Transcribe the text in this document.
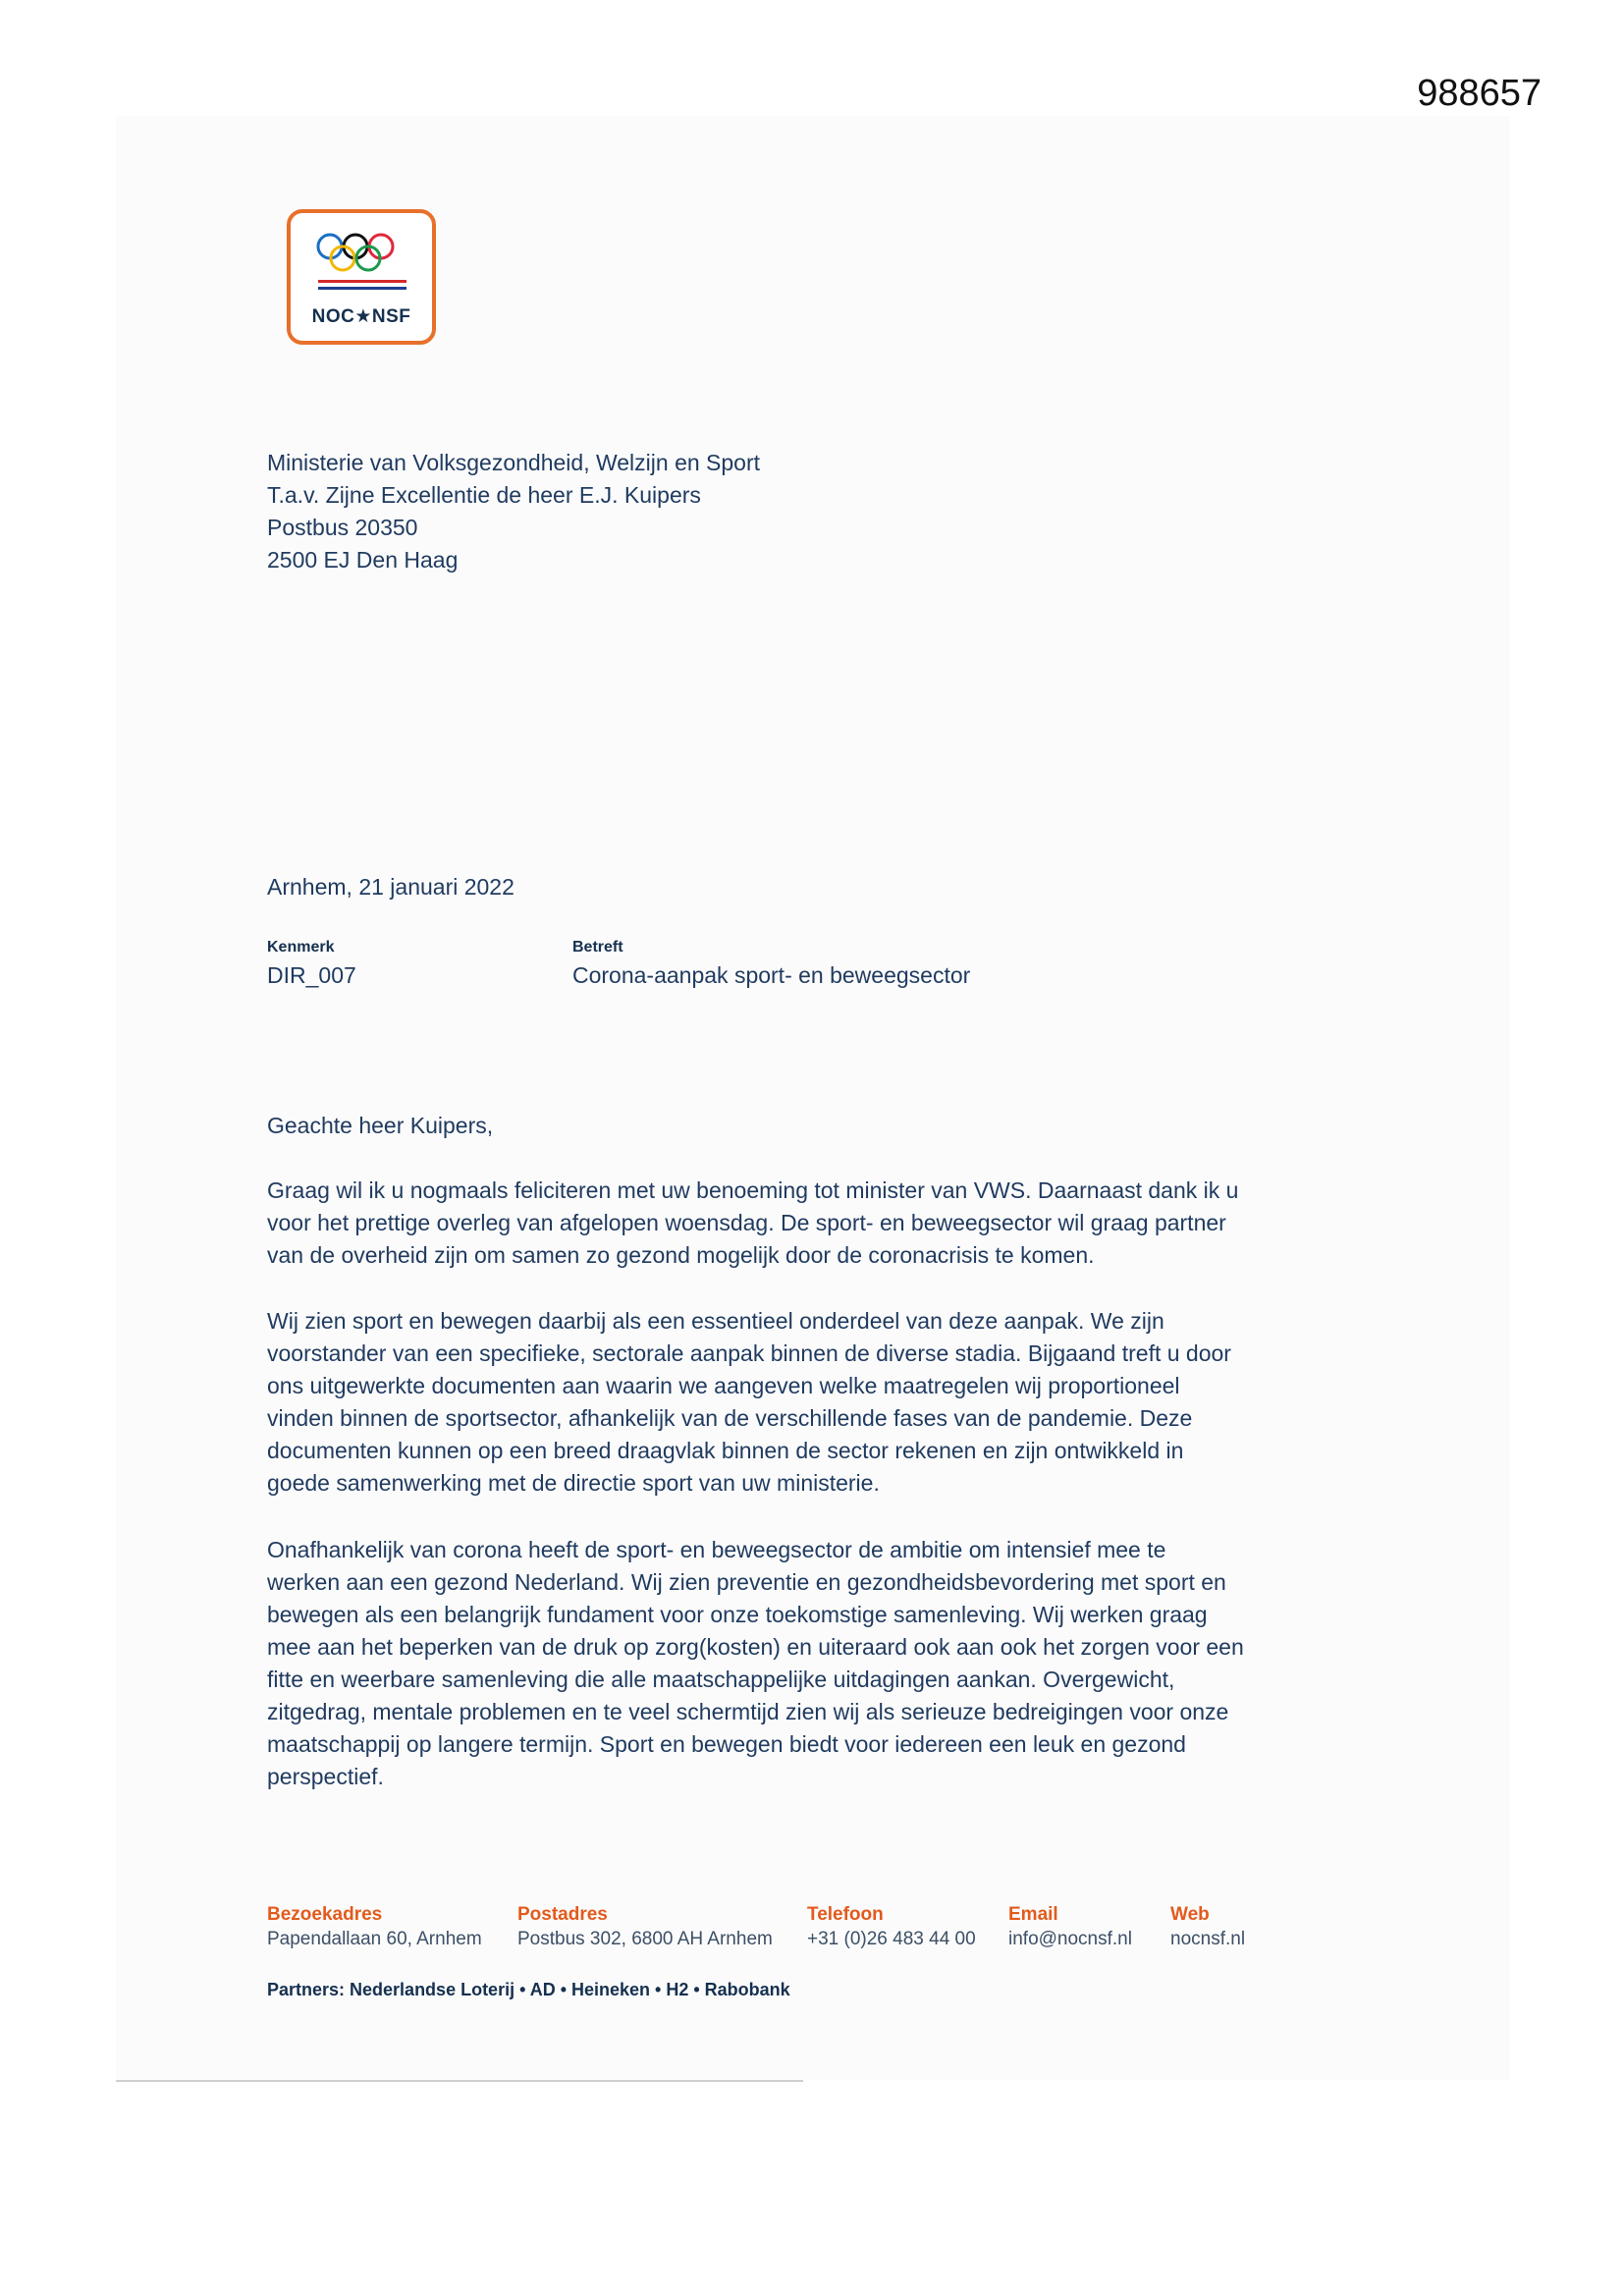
988657
NOC★NSF
Ministerie van Volksgezondheid, Welzijn en Sport
T.a.v. Zijne Excellentie de heer E.J. Kuipers
Postbus 20350
2500 EJ Den Haag
Arnhem, 21 januari 2022
Kenmerk
DIR_007
Betreft
Corona-aanpak sport- en beweegsector
Geachte heer Kuipers,
Graag wil ik u nogmaals feliciteren met uw benoeming tot minister van VWS. Daarnaast dank ik u
voor het prettige overleg van afgelopen woensdag. De sport- en beweegsector wil graag partner
van de overheid zijn om samen zo gezond mogelijk door de coronacrisis te komen.
Wij zien sport en bewegen daarbij als een essentieel onderdeel van deze aanpak. We zijn
voorstander van een specifieke, sectorale aanpak binnen de diverse stadia. Bijgaand treft u door
ons uitgewerkte documenten aan waarin we aangeven welke maatregelen wij proportioneel
vinden binnen de sportsector, afhankelijk van de verschillende fases van de pandemie. Deze
documenten kunnen op een breed draagvlak binnen de sector rekenen en zijn ontwikkeld in
goede samenwerking met de directie sport van uw ministerie.
Onafhankelijk van corona heeft de sport- en beweegsector de ambitie om intensief mee te
werken aan een gezond Nederland. Wij zien preventie en gezondheidsbevordering met sport en
bewegen als een belangrijk fundament voor onze toekomstige samenleving. Wij werken graag
mee aan het beperken van de druk op zorg(kosten) en uiteraard ook aan ook het zorgen voor een
fitte en weerbare samenleving die alle maatschappelijke uitdagingen aankan. Overgewicht,
zitgedrag, mentale problemen en te veel schermtijd zien wij als serieuze bedreigingen voor onze
maatschappij op langere termijn. Sport en bewegen biedt voor iedereen een leuk en gezond
perspectief.
Bezoekadres
Papendallaan 60, Arnhem
Postadres
Postbus 302, 6800 AH Arnhem
Telefoon
+31 (0)26 483 44 00
Email
info@nocnsf.nl
Web
nocnsf.nl
Partners: Nederlandse Loterij • AD • Heineken • H2 • Rabobank
